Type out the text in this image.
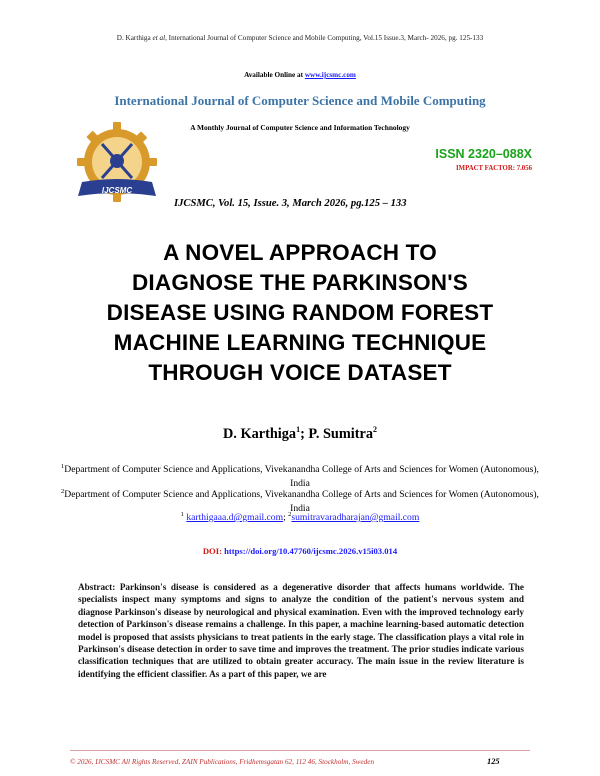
D. Karthiga et al, International Journal of Computer Science and Mobile Computing, Vol.15 Issue.3, March- 2026, pg. 125-133
Available Online at www.ijcsmc.com
International Journal of Computer Science and Mobile Computing
A Monthly Journal of Computer Science and Information Technology
IJCSMC
ISSN 2320–088X
IMPACT FACTOR: 7.056
IJCSMC, Vol. 15, Issue. 3, March 2026, pg.125 – 133
A NOVEL APPROACH TO
DIAGNOSE THE PARKINSON'S
DISEASE USING RANDOM FOREST
MACHINE LEARNING TECHNIQUE
THROUGH VOICE DATASET
D. Karthiga$^1$; P. Sumitra$^2$
$^1$Department of Computer Science and Applications, Vivekanandha College of Arts and Sciences for Women (Autonomous), India
$^2$Department of Computer Science and Applications, Vivekanandha College of Arts and Sciences for Women (Autonomous), India
$^1$ karthigaaa.d@gmail.com; $^2$sumitravaradharajan@gmail.com
DOI: https://doi.org/10.47760/ijcsmc.2026.v15i03.014
Abstract: Parkinson's disease is considered as a degenerative disorder that affects humans worldwide. The specialists inspect many symptoms and signs to analyze the condition of the patient's nervous system and diagnose Parkinson's disease by neurological and physical examination. Even with the improved technology early detection of Parkinson's disease remains a challenge. In this paper, a machine learning-based automatic detection model is proposed that assists physicians to treat patients in the early stage. The classification plays a vital role in Parkinson's disease detection in order to save time and improves the treatment. The prior studies indicate various classification techniques that are utilized to obtain greater accuracy. The main issue in the review literature is identifying the efficient classifier. As a part of this paper, we are
© 2026, IJCSMC All Rights Reserved, ZAIN Publications, Fridhemsgatan 62, 112 46, Stockholm, Sweden	125
